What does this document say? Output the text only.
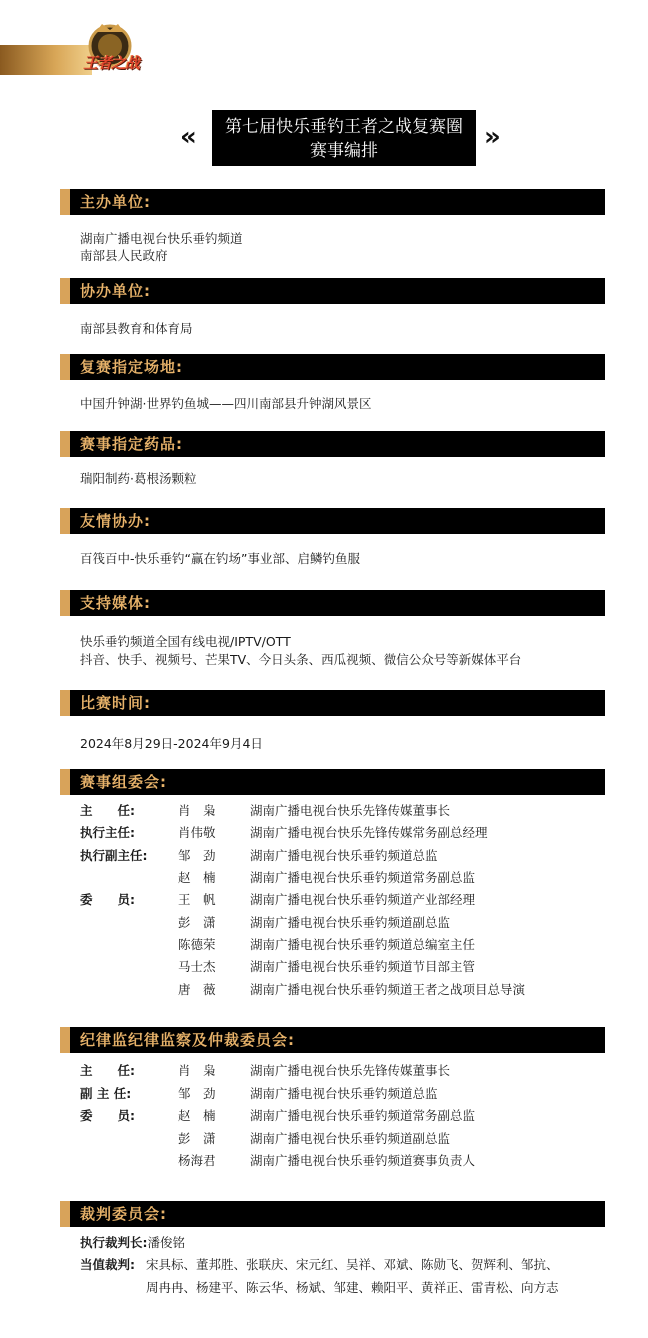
王者之战
«	第七届快乐垂钓王者之战复赛圈
赛事编排	»
主办单位:
湖南广播电视台快乐垂钓频道
南部县人民政府
协办单位:
南部县教育和体育局
复赛指定场地:
中国升钟湖·世界钓鱼城——四川南部县升钟湖风景区
赛事指定药品:
瑞阳制药·葛根汤颗粒
友情协办:
百筏百中-快乐垂钓“赢在钓场”事业部、启鳞钓鱼服
支持媒体:
快乐垂钓频道全国有线电视/IPTV/OTT
抖音、快手、视频号、芒果TV、今日头条、西瓜视频、微信公众号等新媒体平台
比赛时间:
2024年8月29日-2024年9月4日
赛事组委会:
主　　任:	肖　枭	湖南广播电视台快乐先锋传媒董事长
执行主任:	肖伟敬	湖南广播电视台快乐先锋传媒常务副总经理
执行副主任:	邹　劲	湖南广播电视台快乐垂钓频道总监
赵　楠	湖南广播电视台快乐垂钓频道常务副总监
委　　员:	王　帆	湖南广播电视台快乐垂钓频道产业部经理
彭　潇	湖南广播电视台快乐垂钓频道副总监
陈德荣	湖南广播电视台快乐垂钓频道总编室主任
马士杰	湖南广播电视台快乐垂钓频道节目部主管
唐　薇	湖南广播电视台快乐垂钓频道王者之战项目总导演
纪律监纪律监察及仲裁委员会:
主　　任:	肖　枭	湖南广播电视台快乐先锋传媒董事长
副 主 任:	邹　劲	湖南广播电视台快乐垂钓频道总监
委　　员:	赵　楠	湖南广播电视台快乐垂钓频道常务副总监
彭　潇	湖南广播电视台快乐垂钓频道副总监
杨海君	湖南广播电视台快乐垂钓频道赛事负责人
裁判委员会:
执行裁判长:潘俊铭
当值裁判: 宋具标、董邦胜、张联庆、宋元红、吴祥、邓斌、陈勋飞、贺辉利、邹抗、
周冉冉、杨建平、陈云华、杨斌、邹建、赖阳平、黄祥正、雷青松、向方志
